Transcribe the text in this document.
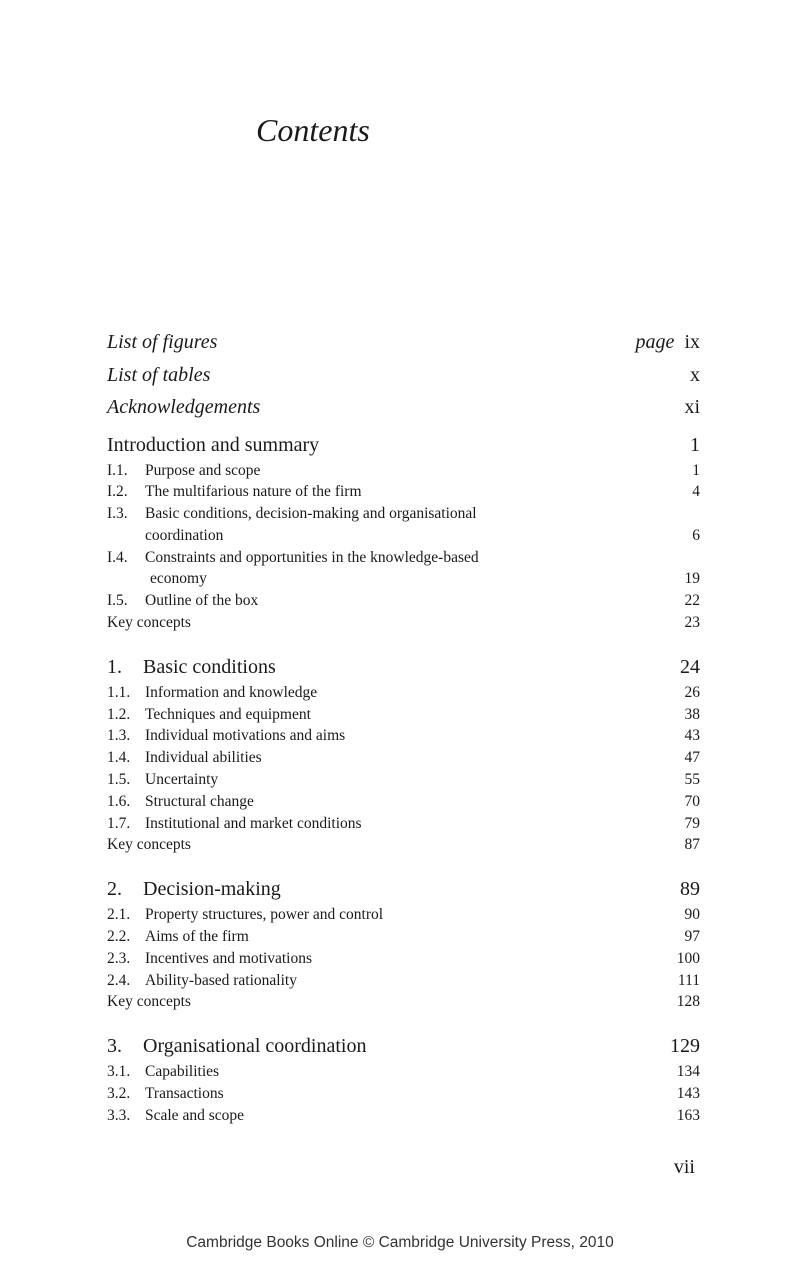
Contents
List of figures	page ix
List of tables	x
Acknowledgements	xi
Introduction and summary	1
I.1. Purpose and scope	1
I.2. The multifarious nature of the firm	4
I.3.	Basic conditions, decision-making and organisational
coordination	6
I.4.	Constraints and opportunities in the knowledge-based
economy	19
I.5. Outline of the box	22
Key concepts	23
1. Basic conditions	24
1.1. Information and knowledge	26
1.2. Techniques and equipment	38
1.3. Individual motivations and aims	43
1.4. Individual abilities	47
1.5. Uncertainty	55
1.6. Structural change	70
1.7. Institutional and market conditions	79
Key concepts	87
2. Decision-making	89
2.1. Property structures, power and control	90
2.2. Aims of the firm	97
2.3. Incentives and motivations	100
2.4. Ability-based rationality	111
Key concepts	128
3. Organisational coordination	129
3.1. Capabilities	134
3.2. Transactions	143
3.3. Scale and scope	163
vii
Cambridge Books Online © Cambridge University Press, 2010
